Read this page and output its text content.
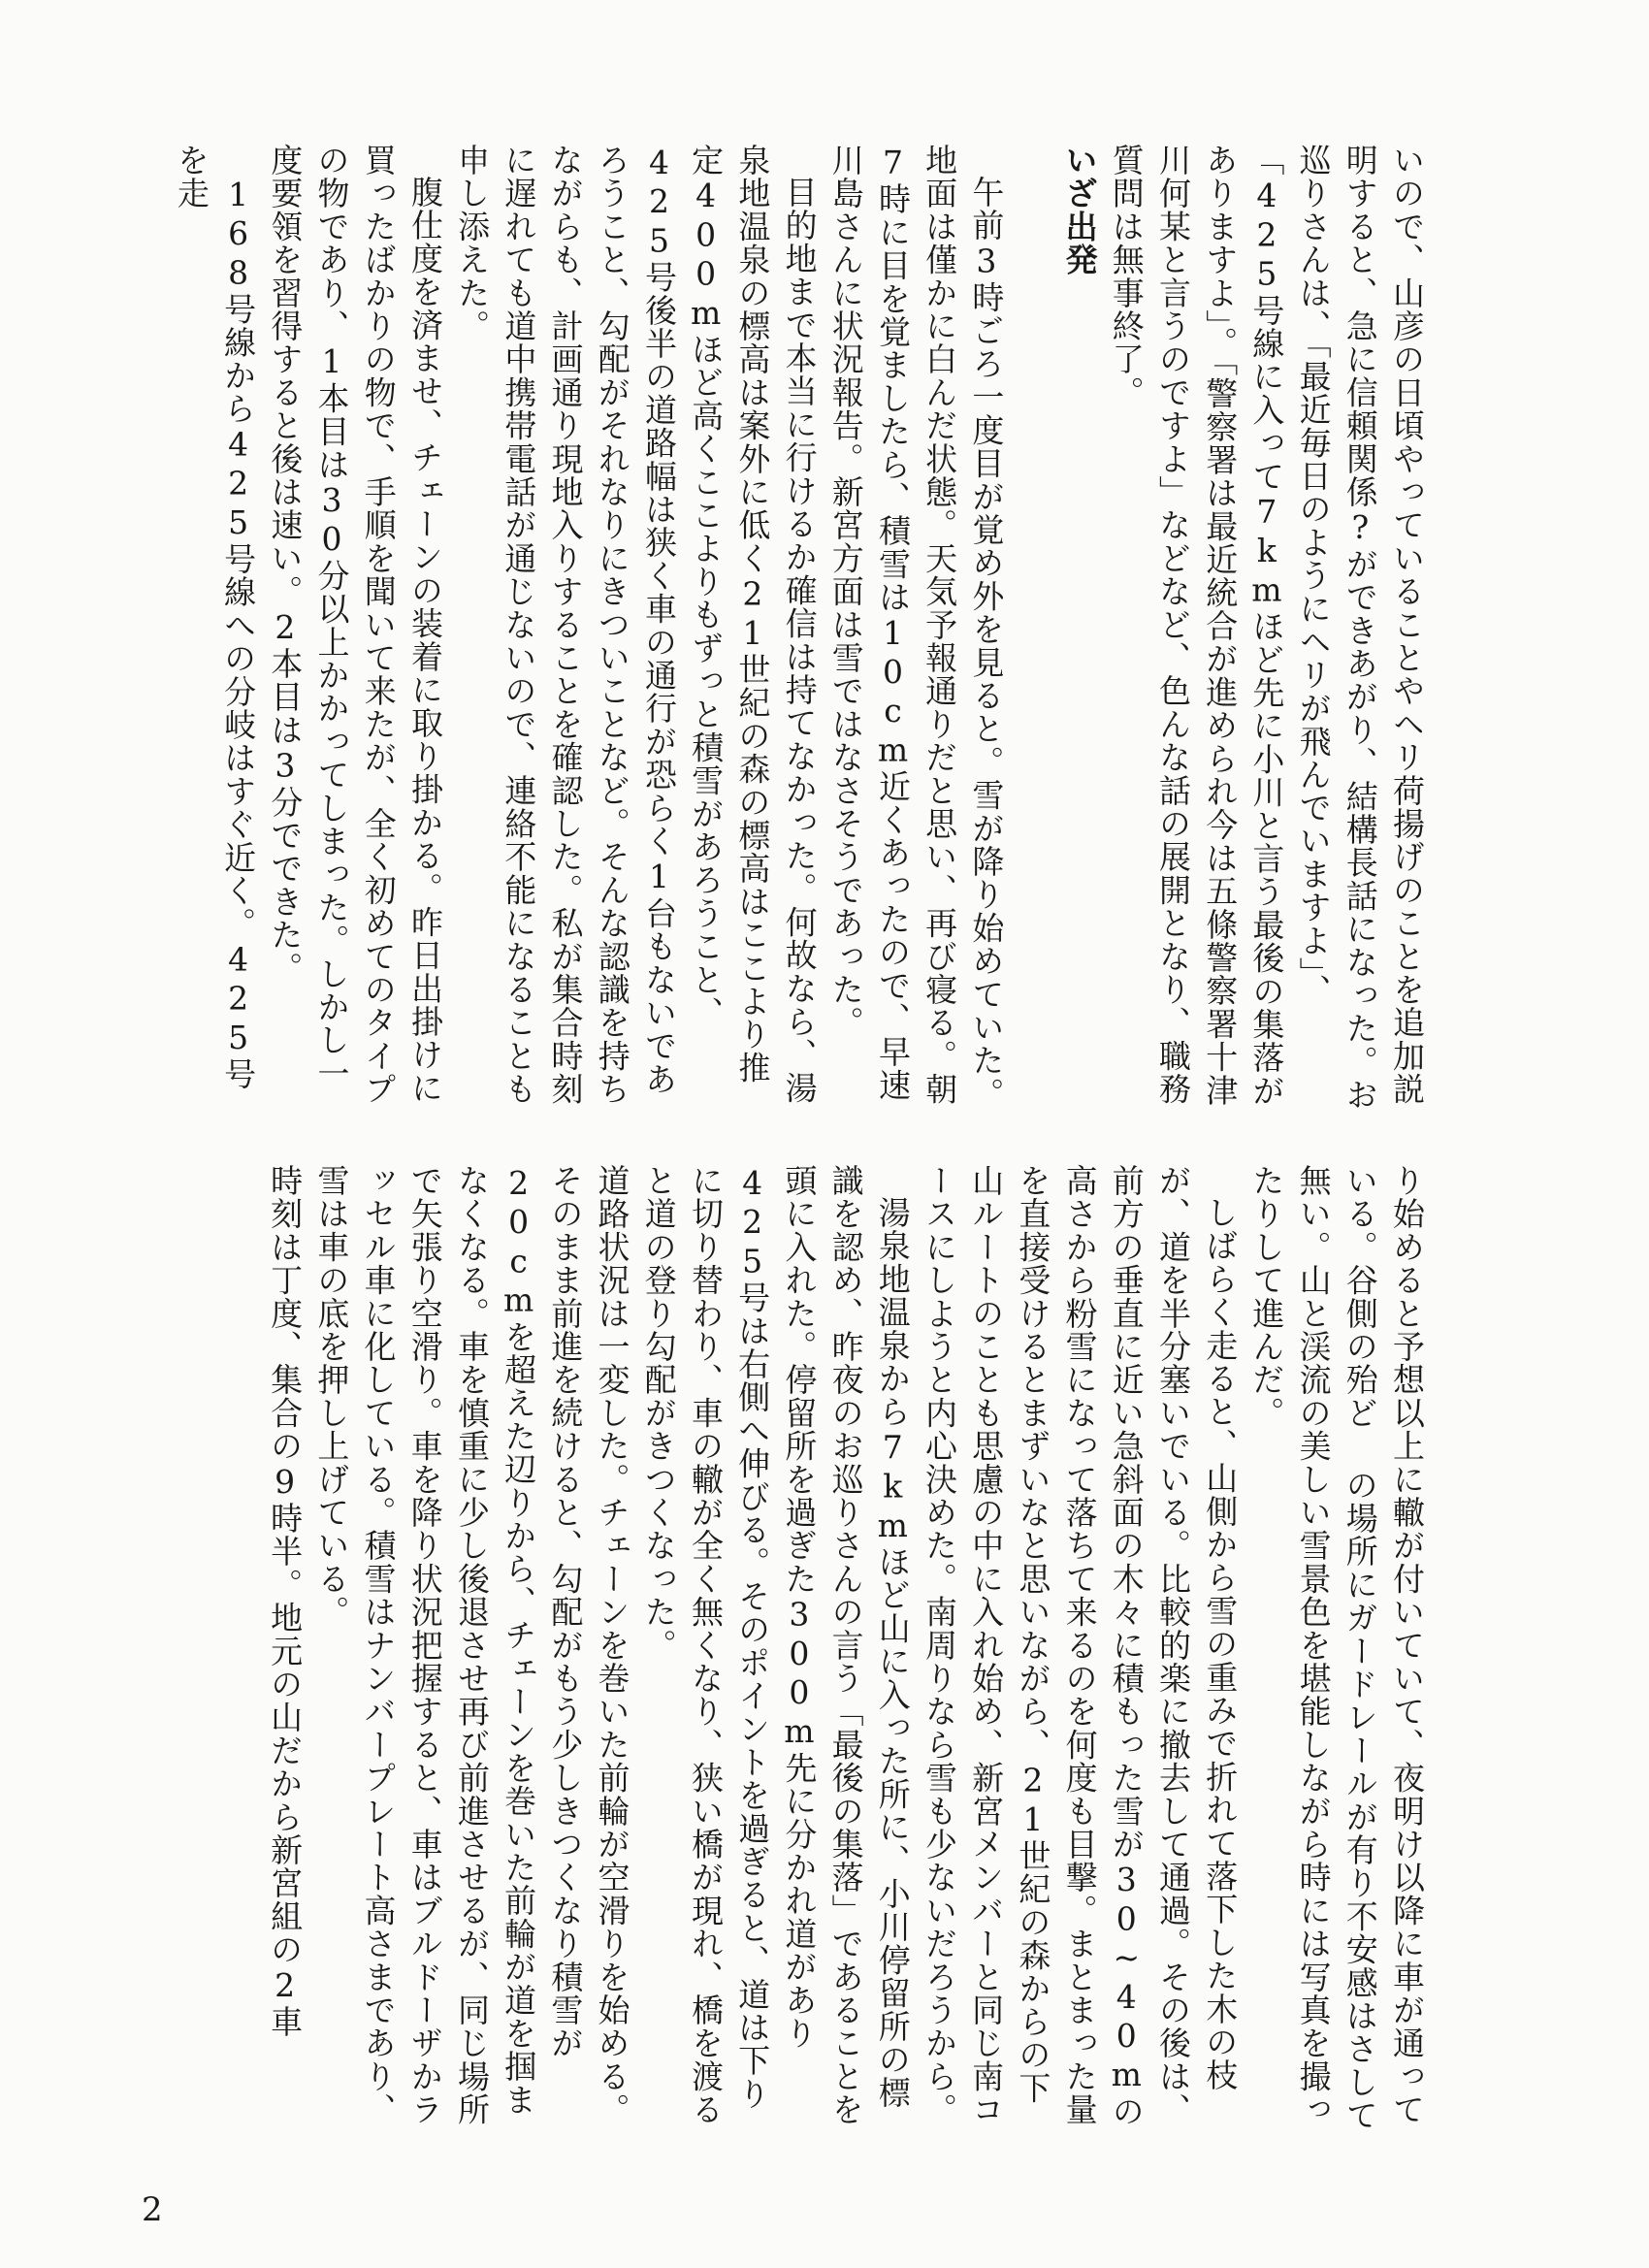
いので、山彦の日頃やっていることやヘリ荷揚げのことを追加説明すると、急に信頼関係?ができあがり、結構長話になった。お巡りさんは、「最近毎日のようにヘリが飛んでいますよ」、「425号線に入って7kmほど先に小川と言う最後の集落がありますよ」。「警察署は最近統合が進められ今は五條警察署十津川何某と言うのですよ」などなど、色んな話の展開となり、職務質問は無事終了。

いざ出発

午前3時ごろ一度目が覚め外を見ると。雪が降り始めていた。地面は僅かに白んだ状態。天気予報通りだと思い、再び寝る。朝7時に目を覚ましたら、積雪は10cm近くあったので、早速川島さんに状況報告。新宮方面は雪ではなさそうであった。

目的地まで本当に行けるか確信は持てなかった。何故なら、湯泉地温泉の標高は案外に低く21世紀の森の標高はここより推定400mほど高くここよりもずっと積雪があろうこと、425号後半の道路幅は狭く車の通行が恐らく1台もないであろうこと、勾配がそれなりにきついことなど。そんな認識を持ちながらも、計画通り現地入りすることを確認した。私が集合時刻に遅れても道中携帯電話が通じないので、連絡不能になることも申し添えた。

腹仕度を済ませ、チェーンの装着に取り掛かる。昨日出掛けに買ったばかりの物で、手順を聞いて来たが、全く初めてのタイプの物であり、1本目は30分以上かかってしまった。しかし一度要領を習得すると後は速い。2本目は3分でできた。

168号線から425号線への分岐はすぐ近く。425号を走

り始めると予想以上に轍が付いていて、夜明け以降に車が通っている。谷側の殆ど の場所にガードレールが有り不安感はさして無い。山と渓流の美しい雪景色を堪能しながら時には写真を撮ったりして進んだ。

しばらく走ると、山側から雪の重みで折れて落下した木の枝が、道を半分塞いでいる。比較的楽に撤去して通過。その後は、前方の垂直に近い急斜面の木々に積もった雪が30~40mの高さから粉雪になって落ちて来るのを何度も目撃。まとまった量を直接受けるとまずいなと思いながら、21世紀の森からの下山ルートのことも思慮の中に入れ始め、新宮メンバーと同じ南コースにしようと内心決めた。南周りなら雪も少ないだろうから。

湯泉地温泉から7kmほど山に入った所に、小川停留所の標識を認め、昨夜のお巡りさんの言う「最後の集落」であることを頭に入れた。停留所を過ぎた300m先に分かれ道があり425号は右側へ伸びる。そのポイントを過ぎると、道は下りに切り替わり、車の轍が全く無くなり、狭い橋が現れ、橋を渡ると道の登り勾配がきつくなった。

道路状況は一変した。チェーンを巻いた前輪が空滑りを始める。そのまま前進を続けると、勾配がもう少しきつくなり積雪が20cmを超えた辺りから、チェーンを巻いた前輪が道を掴まなくなる。車を慎重に少し後退させ再び前進させるが、同じ場所で矢張り空滑り。車を降り状況把握すると、車はブルドーザかラッセル車に化している。積雪はナンバープレート高さまであり、雪は車の底を押し上げている。

時刻は丁度、集合の9時半。地元の山だから新宮組の2車

2
